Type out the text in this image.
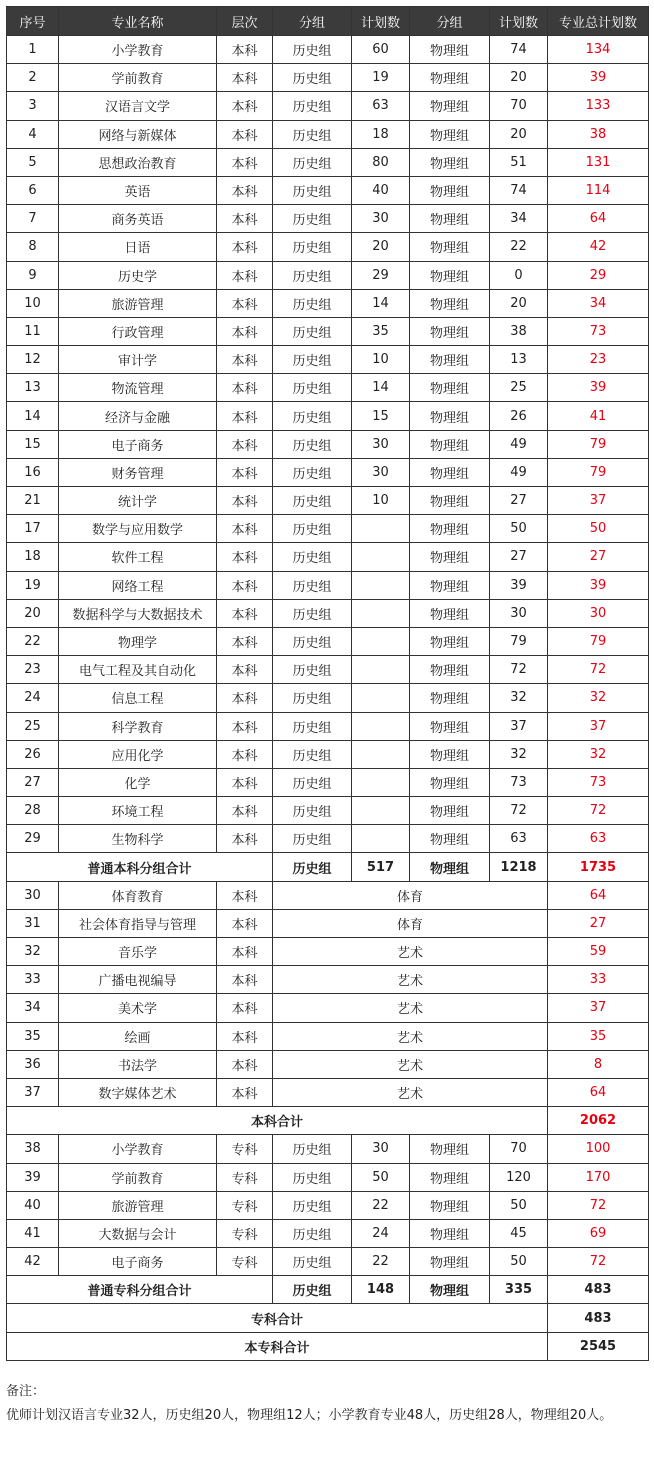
序号	专业名称	层次	分组	计划数	分组	计划数	专业总计划数
1	小学教育	本科	历史组	60	物理组	74	134
2	学前教育	本科	历史组	19	物理组	20	39
3	汉语言文学	本科	历史组	63	物理组	70	133
4	网络与新媒体	本科	历史组	18	物理组	20	38
5	思想政治教育	本科	历史组	80	物理组	51	131
6	英语	本科	历史组	40	物理组	74	114
7	商务英语	本科	历史组	30	物理组	34	64
8	日语	本科	历史组	20	物理组	22	42
9	历史学	本科	历史组	29	物理组	0	29
10	旅游管理	本科	历史组	14	物理组	20	34
11	行政管理	本科	历史组	35	物理组	38	73
12	审计学	本科	历史组	10	物理组	13	23
13	物流管理	本科	历史组	14	物理组	25	39
14	经济与金融	本科	历史组	15	物理组	26	41
15	电子商务	本科	历史组	30	物理组	49	79
16	财务管理	本科	历史组	30	物理组	49	79
21	统计学	本科	历史组	10	物理组	27	37
17	数学与应用数学	本科	历史组		物理组	50	50
18	软件工程	本科	历史组		物理组	27	27
19	网络工程	本科	历史组		物理组	39	39
20	数据科学与大数据技术	本科	历史组		物理组	30	30
22	物理学	本科	历史组		物理组	79	79
23	电气工程及其自动化	本科	历史组		物理组	72	72
24	信息工程	本科	历史组		物理组	32	32
25	科学教育	本科	历史组		物理组	37	37
26	应用化学	本科	历史组		物理组	32	32
27	化学	本科	历史组		物理组	73	73
28	环境工程	本科	历史组		物理组	72	72
29	生物科学	本科	历史组		物理组	63	63
普通本科分组合计			历史组	517	物理组	1218	1735
30	体育教育	本科	体育				64
31	社会体育指导与管理	本科	体育				27
32	音乐学	本科	艺术				59
33	广播电视编导	本科	艺术				33
34	美术学	本科	艺术				37
35	绘画	本科	艺术				35
36	书法学	本科	艺术				8
37	数字媒体艺术	本科	艺术				64
本科合计							2062
38	小学教育	专科	历史组	30	物理组	70	100
39	学前教育	专科	历史组	50	物理组	120	170
40	旅游管理	专科	历史组	22	物理组	50	72
41	大数据与会计	专科	历史组	24	物理组	45	69
42	电子商务	专科	历史组	22	物理组	50	72
普通专科分组合计			历史组	148	物理组	335	483
专科合计							483
本专科合计							2545

备注：

优师计划汉语言专业32人，历史组20人，物理组12人；小学教育专业48人，历史组28人，物理组20人。
